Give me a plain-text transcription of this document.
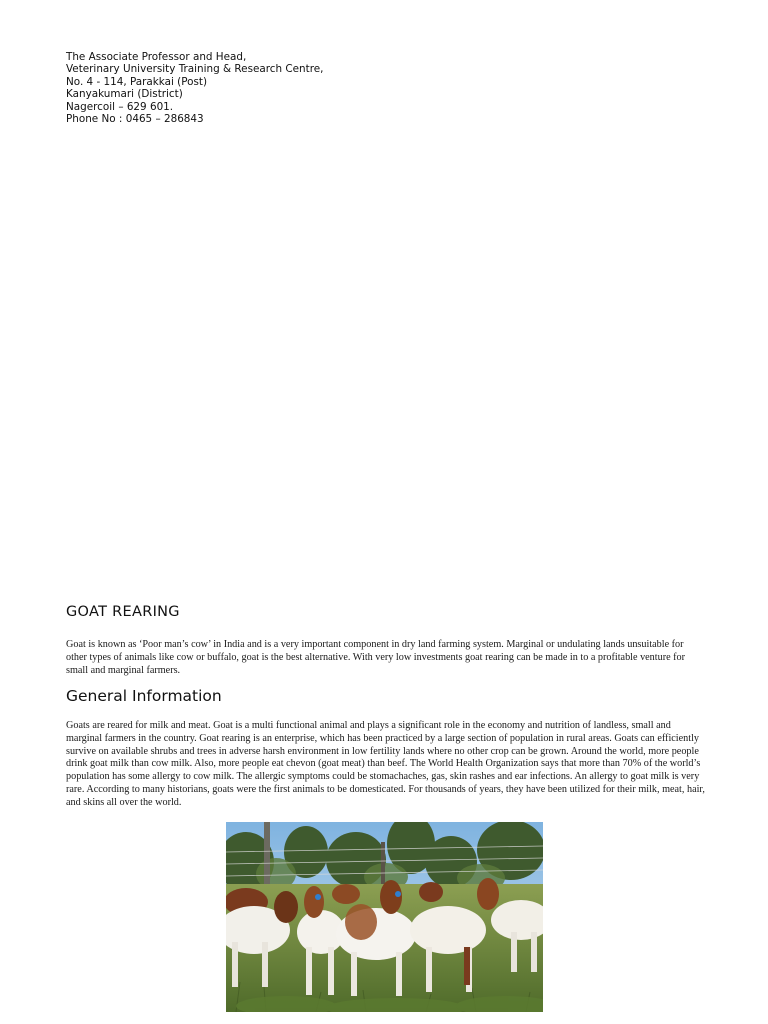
The Associate Professor and Head,
Veterinary University Training & Research Centre,
No. 4 - 114, Parakkai (Post)
Kanyakumari (District)
Nagercoil – 629 601.
Phone No : 0465 – 286843
GOAT REARING

Goat is known as ‘Poor man’s cow’ in India and is a very important component in dry land farming system. Marginal or undulating lands unsuitable for other types of animals like cow or buffalo, goat is the best alternative. With very low investments goat rearing can be made in to a profitable venture for small and marginal farmers.

General Information

Goats are reared for milk and meat. Goat is a multi functional animal and plays a significant role in the economy and nutrition of landless, small and marginal farmers in the country. Goat rearing is an enterprise, which has been practiced by a large section of population in rural areas. Goats can efficiently survive on available shrubs and trees in adverse harsh environment in low fertility lands where no other crop can be grown. Around the world, more people drink goat milk than cow milk. Also, more people eat chevon (goat meat) than beef. The World Health Organization says that more than 70% of the world’s population has some allergy to cow milk. The allergic symptoms could be stomachaches, gas, skin rashes and ear infections. An allergy to goat milk is very rare. According to many historians, goats were the first animals to be domesticated. For thousands of years, they have been utilized for their milk, meat, hair, and skins all over the world.
